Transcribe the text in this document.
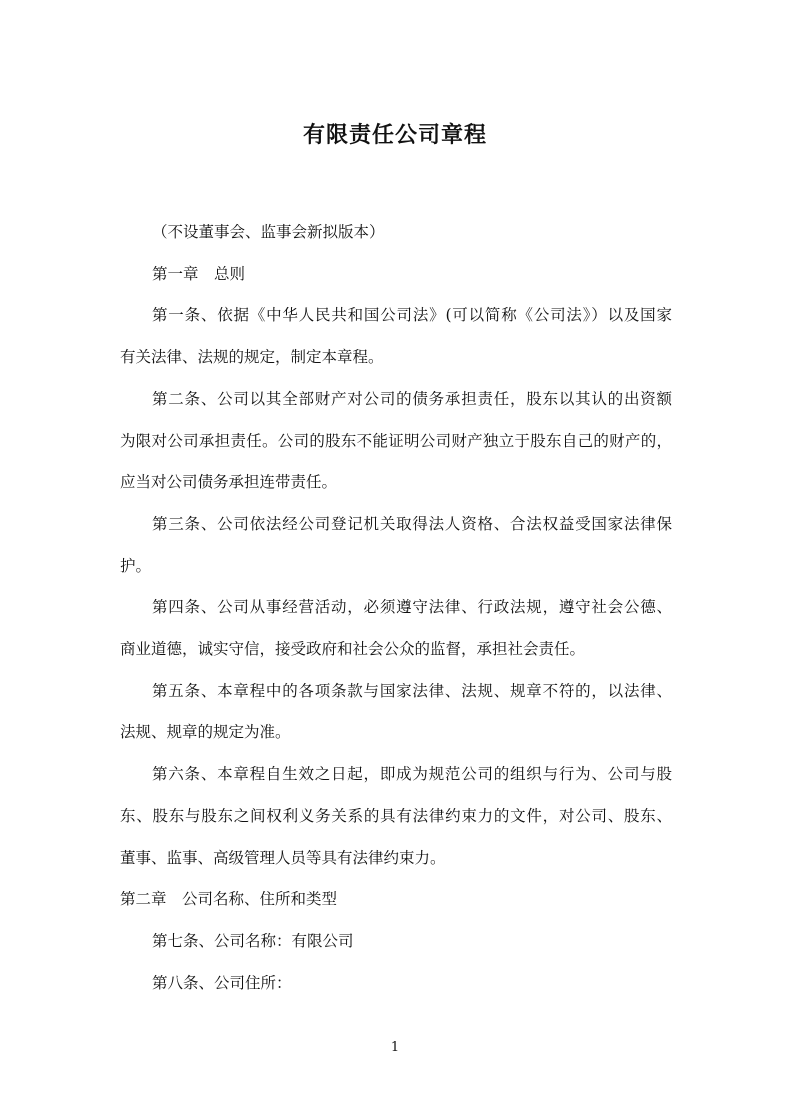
有限责任公司章程
（不设董事会、监事会新拟版本）
第一章　总则
第一条、依据《中华人民共和国公司法》(可以简称《公司法》）以及国家
有关法律、法规的规定，制定本章程。
第二条、公司以其全部财产对公司的债务承担责任，股东以其认的出资额
为限对公司承担责任。公司的股东不能证明公司财产独立于股东自己的财产的，
应当对公司债务承担连带责任。
第三条、公司依法经公司登记机关取得法人资格、合法权益受国家法律保
护。
第四条、公司从事经营活动，必须遵守法律、行政法规，遵守社会公德、
商业道德，诚实守信，接受政府和社会公众的监督，承担社会责任。
第五条、本章程中的各项条款与国家法律、法规、规章不符的，以法律、
法规、规章的规定为准。
第六条、本章程自生效之日起，即成为规范公司的组织与行为、公司与股
东、股东与股东之间权利义务关系的具有法律约束力的文件，对公司、股东、
董事、监事、高级管理人员等具有法律约束力。
第二章　公司名称、住所和类型
第七条、公司名称：有限公司
第八条、公司住所：
1
